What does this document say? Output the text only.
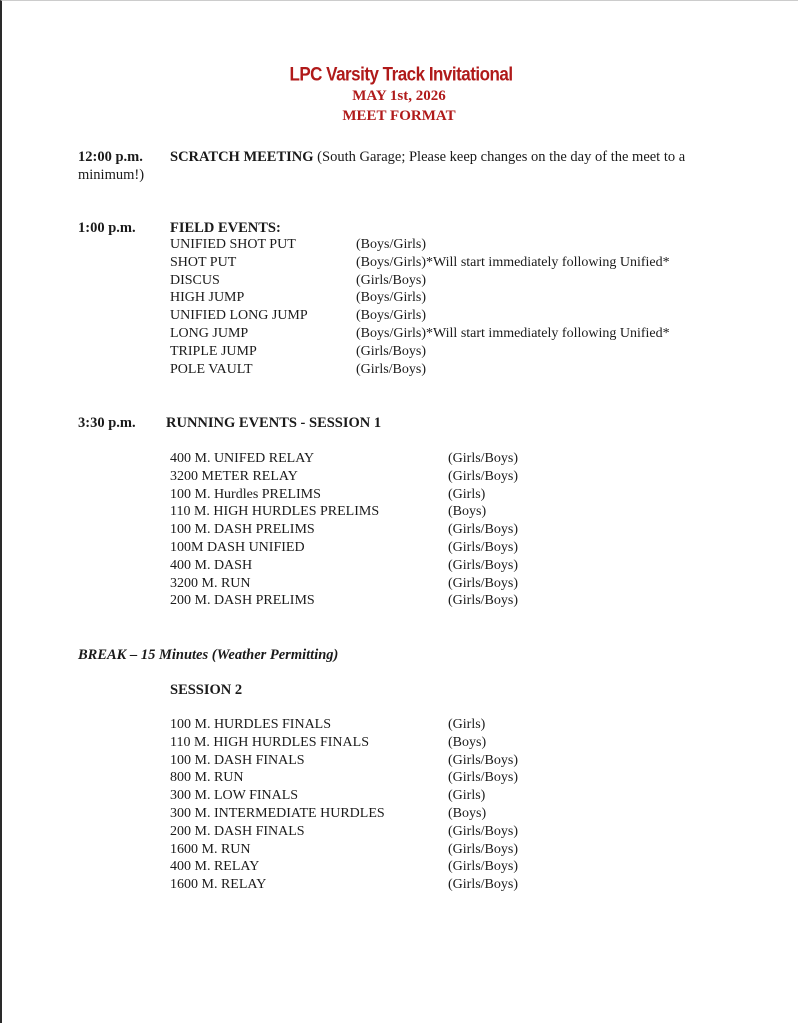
LPC Varsity Track Invitational
MAY 1st, 2026
MEET FORMAT
12:00 p.m. SCRATCH MEETING (South Garage; Please keep changes on the day of the meet to a
minimum!)
1:00 p.m. FIELD EVENTS:
UNIFIED SHOT PUT	(Boys/Girls)
SHOT PUT	(Boys/Girls)*Will start immediately following Unified*
DISCUS	(Girls/Boys)
HIGH JUMP	(Boys/Girls)
UNIFIED LONG JUMP	(Boys/Girls)
LONG JUMP	(Boys/Girls)*Will start immediately following Unified*
TRIPLE JUMP	(Girls/Boys)
POLE VAULT	(Girls/Boys)
3:30 p.m. RUNNING EVENTS - SESSION 1
400 M. UNIFED RELAY	(Girls/Boys)
3200 METER RELAY	(Girls/Boys)
100 M. Hurdles PRELIMS	(Girls)
110 M. HIGH HURDLES PRELIMS	(Boys)
100 M. DASH PRELIMS	(Girls/Boys)
100M DASH UNIFIED	(Girls/Boys)
400 M. DASH	(Girls/Boys)
3200 M. RUN	(Girls/Boys)
200 M. DASH PRELIMS	(Girls/Boys)
BREAK – 15 Minutes (Weather Permitting)
SESSION 2
100 M. HURDLES FINALS	(Girls)
110 M. HIGH HURDLES FINALS	(Boys)
100 M. DASH FINALS	(Girls/Boys)
800 M. RUN	(Girls/Boys)
300 M. LOW FINALS	(Girls)
300 M. INTERMEDIATE HURDLES	(Boys)
200 M. DASH FINALS	(Girls/Boys)
1600 M. RUN	(Girls/Boys)
400 M. RELAY	(Girls/Boys)
1600 M. RELAY	(Girls/Boys)
